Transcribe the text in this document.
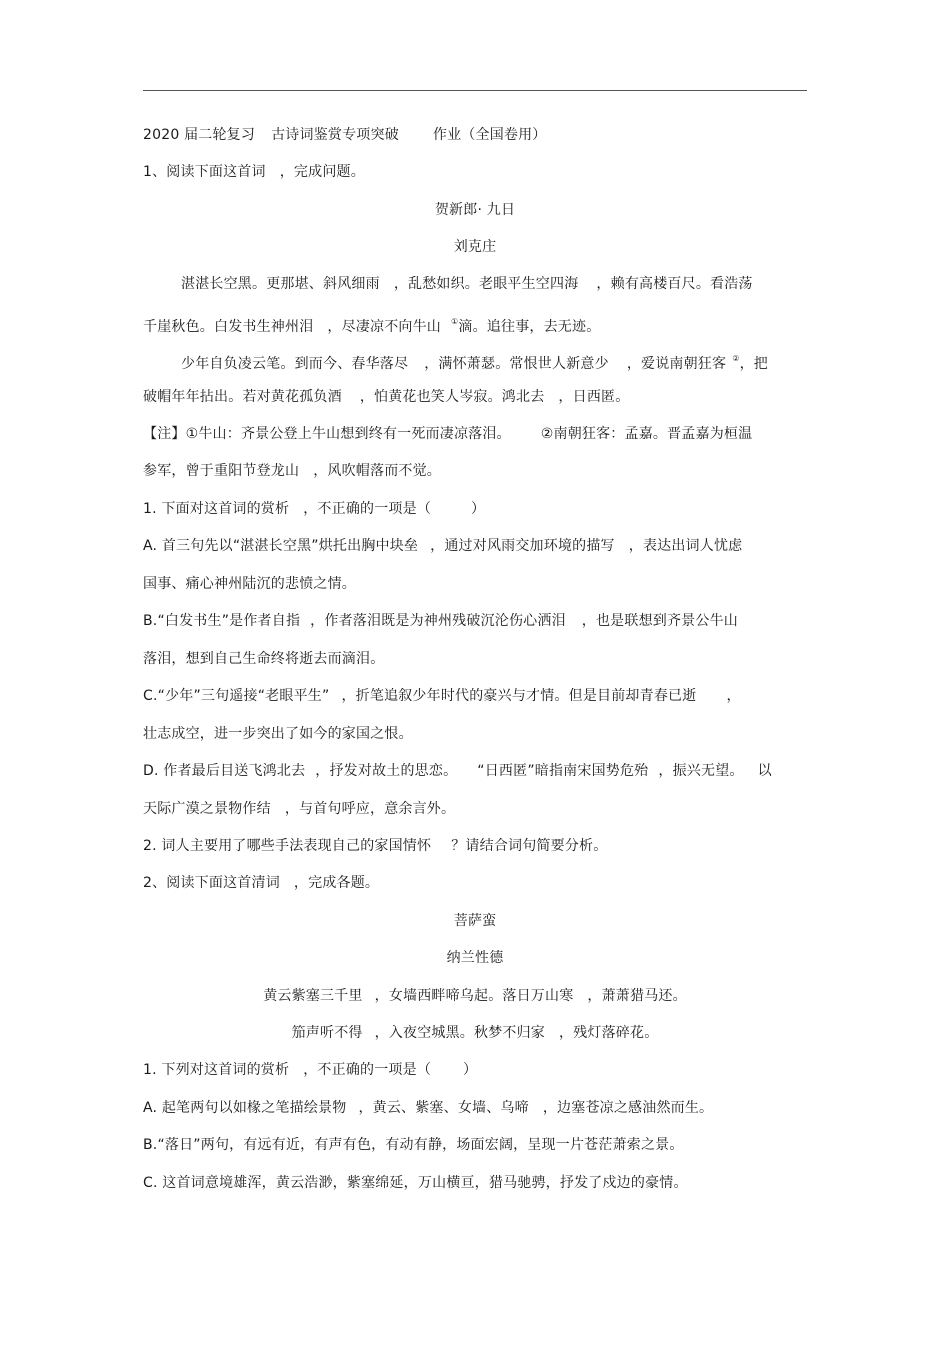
2020 届二轮复习 古诗词鉴赏专项突破 作业（全国卷用）
1、阅读下面这首词 ，完成问题。
贺新郎· 九日
刘克庄
湛湛长空黑。更那堪、斜风细雨 ，乱愁如织。老眼平生空四海 ，赖有高楼百尺。看浩荡
千崖秋色。白发书生神州泪 ，尽凄凉不向牛山 ①滴。追往事，去无迹。
少年自负凌云笔。到而今、春华落尽 ，满怀萧瑟。常恨世人新意少 ，爱说南朝狂客 ②，把
破帽年年拈出。若对黄花孤负酒 ，怕黄花也笑人岑寂。鸿北去 ，日西匿。
【注】①牛山：齐景公登上牛山想到终有一死而凄凉落泪。 ②南朝狂客：孟嘉。晋孟嘉为桓温
参军，曾于重阳节登龙山 ，风吹帽落而不觉。
1. 下面对这首词的赏析 ，不正确的一项是（	）
A. 首三句先以“湛湛长空黑”烘托出胸中块垒 ，通过对风雨交加环境的描写 ，表达出词人忧虑
国事、痛心神州陆沉的悲愤之情。
B.“白发书生”是作者自指 ，作者落泪既是为神州残破沉沦伤心洒泪 ，也是联想到齐景公牛山
落泪，想到自己生命终将逝去而滴泪。
C.“少年”三句遥接“老眼平生” ，折笔追叙少年时代的豪兴与才情。但是目前却青春已逝 ，
壮志成空，进一步突出了如今的家国之恨。
D. 作者最后目送飞鸿北去 ，抒发对故土的思恋。 “日西匿”暗指南宋国势危殆 ，振兴无望。 以
天际广漠之景物作结 ，与首句呼应，意余言外。
2. 词人主要用了哪些手法表现自己的家国情怀 ？请结合词句简要分析。
2、阅读下面这首清词 ，完成各题。
菩萨蛮
纳兰性德
黄云紫塞三千里 ，女墙西畔啼乌起。落日万山寒 ，萧萧猎马还。
笳声听不得 ，入夜空城黑。秋梦不归家 ，残灯落碎花。
1. 下列对这首词的赏析 ，不正确的一项是（ ）
A. 起笔两句以如椽之笔描绘景物 ，黄云、紫塞、女墙、乌啼 ，边塞苍凉之感油然而生。
B.“落日”两句，有远有近，有声有色，有动有静，场面宏阔，呈现一片苍茫萧索之景。
C. 这首词意境雄浑，黄云浩渺，紫塞绵延，万山横亘，猎马驰骋，抒发了戍边的豪情。
